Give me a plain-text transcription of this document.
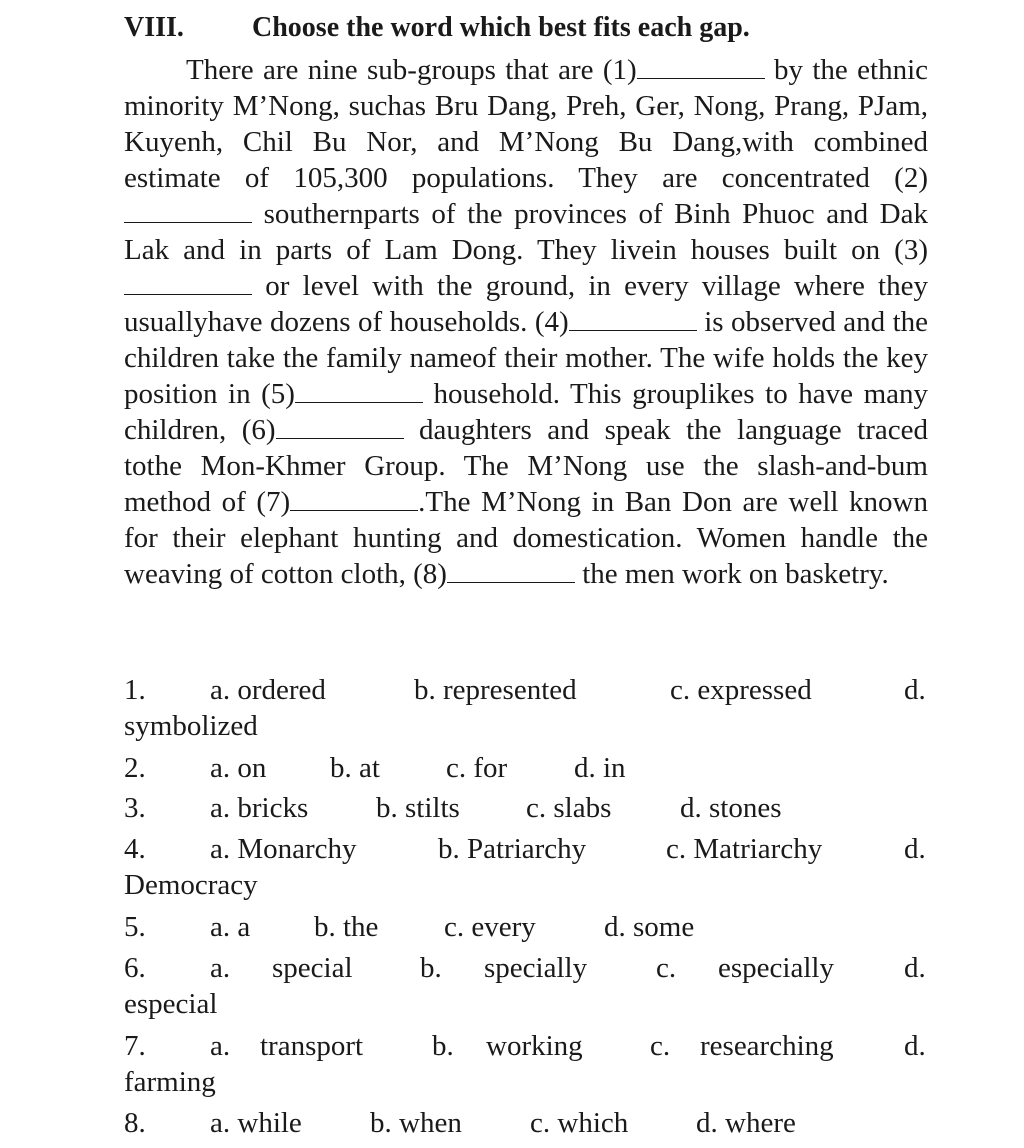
VIII. Choose the word which best fits each gap.

There are nine sub-groups that are (1)	by the ethnic minority M’Nong, suchas Bru Dang, Preh, Ger, Nong, Prang, PJam, Kuyenh, Chil Bu Nor, and M’Nong Bu Dang,with combined estimate of 105,300 populations. They are concentrated (2) southernparts of the provinces of Binh Phuoc and Dak Lak and in parts of Lam Dong. They livein houses built on (3) or level with the ground, in every village where they usuallyhave dozens of households. (4)	is observed and the children take the family nameof their mother. The wife holds the key position in (5)	household. This grouplikes to have many children, (6)	daughters and speak the language traced tothe Mon-Khmer Group. The M’Nong use the slash-and-bum method of (7)	.The M’Nong in Ban Don are well known for their elephant hunting and domestication. Women handle the weaving of cotton cloth, (8)	the men work on basketry.

1. a. ordered	b. represented	c. expressed	d.
symbolized
2. a. on b. at c. for d. in
3. a. bricks b. stilts c. slabs d. stones
4. a. Monarchy	b. Patriarchy	c. Matriarchy	d.
Democracy
5. a. a b. the c. every d. some
6. a. special b. specially c. especially d.
especial
7. a. transport b. working c. researching d.
farming
8. a. while b. when c. which d. where
